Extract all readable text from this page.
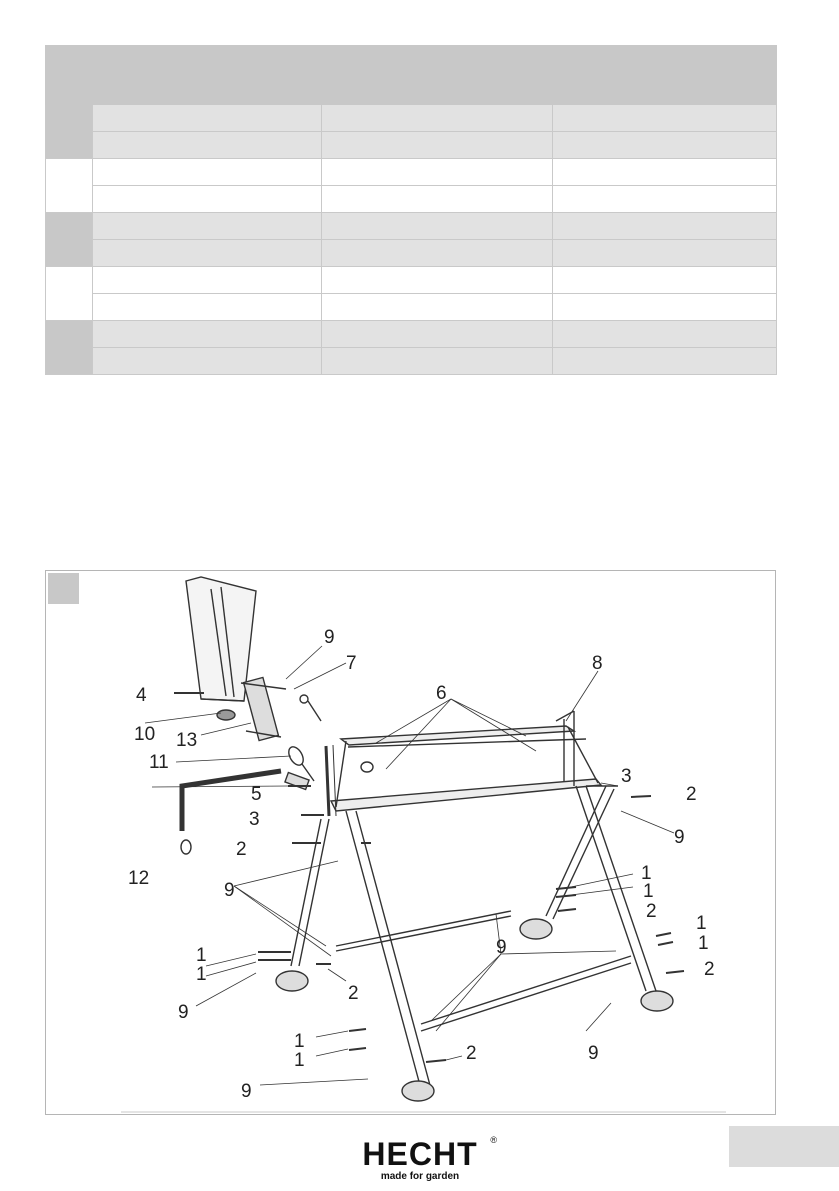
4
9
7
10 13
11
5
3
2
12
6
8
3
2
9
9
1
1
2
9
1
1
2
1
1
2
9
9
1
1	2
9
HECHT ®
made for garden
